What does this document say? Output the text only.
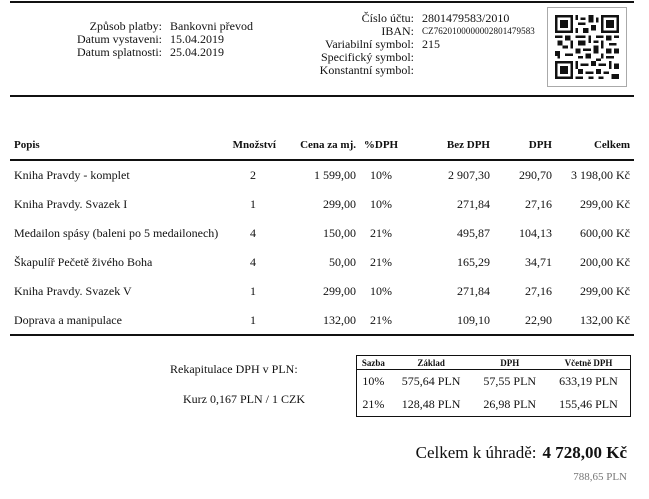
Způsob platby: Bankovni převod
Datum vystaveni: 15.04.2019
Datum splatnosti: 25.04.2019
Číslo účtu: 2801479583/2010
IBAN: CZ7620100000002801479583
Variabilní symbol: 215
Specifický symbol:
Konstantní symbol:
Popis	Množství	Cena za mj.	%DPH	Bez DPH	DPH	Celkem
Kniha Pravdy - komplet	2	1 599,00	10%	2 907,30	290,70	3 198,00 Kč
Kniha Pravdy. Svazek I	1	299,00	10%	271,84	27,16	299,00 Kč
Medailon spásy (baleni po 5 medailonech)	4	150,00	21%	495,87	104,13	600,00 Kč
Škapulíř Pečetě živého Boha	4	50,00	21%	165,29	34,71	200,00 Kč
Kniha Pravdy. Svazek V	1	299,00	10%	271,84	27,16	299,00 Kč
Doprava a manipulace	1	132,00	21%	109,10	22,90	132,00 Kč
Rekapitulace DPH v PLN:
Kurz 0,167 PLN / 1 CZK
Sazba	Základ	DPH	Včetně DPH
10%	575,64 PLN	57,55 PLN	633,19 PLN
21%	128,48 PLN	26,98 PLN	155,46 PLN
Celkem k úhradě: 4 728,00 Kč
788,65 PLN
